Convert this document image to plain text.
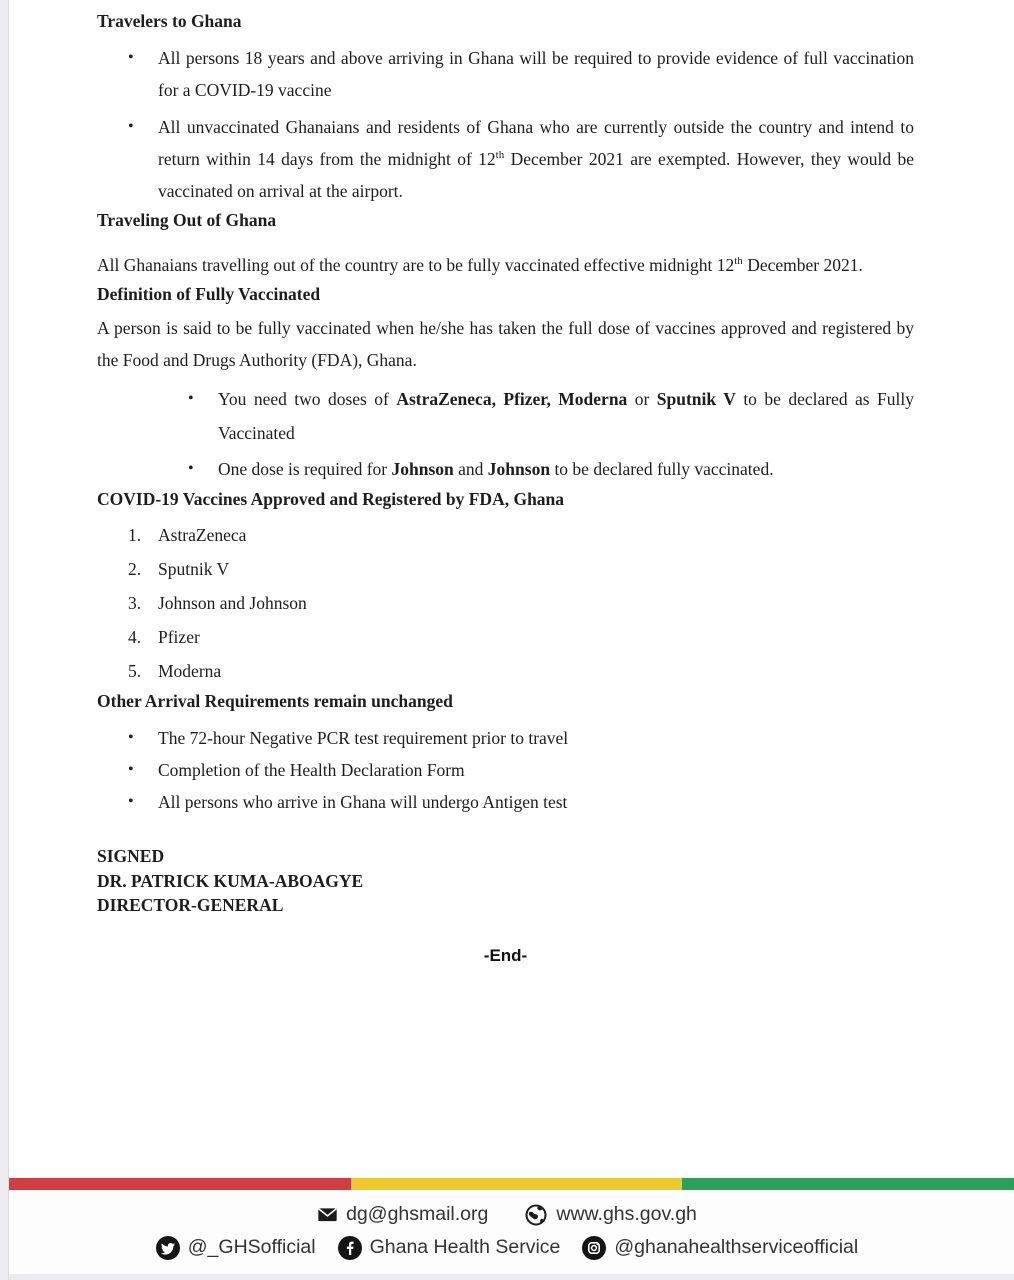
Travelers to Ghana
•	All persons 18 years and above arriving in Ghana will be required to provide evidence of full vaccination for a COVID-19 vaccine
•	All unvaccinated Ghanaians and residents of Ghana who are currently outside the country and intend to return within 14 days from the midnight of 12th December 2021 are exempted. However, they would be vaccinated on arrival at the airport.
Traveling Out of Ghana
All Ghanaians travelling out of the country are to be fully vaccinated effective midnight 12th December 2021.
Definition of Fully Vaccinated
A person is said to be fully vaccinated when he/she has taken the full dose of vaccines approved and registered by the Food and Drugs Authority (FDA), Ghana.
•	You need two doses of AstraZeneca, Pfizer, Moderna or Sputnik V to be declared as Fully Vaccinated
•	One dose is required for Johnson and Johnson to be declared fully vaccinated.
COVID-19 Vaccines Approved and Registered by FDA, Ghana
1. AstraZeneca
2. Sputnik V
3. Johnson and Johnson
4. Pfizer
5. Moderna
Other Arrival Requirements remain unchanged
•	The 72-hour Negative PCR test requirement prior to travel
•	Completion of the Health Declaration Form
•	All persons who arrive in Ghana will undergo Antigen test
SIGNED
DR. PATRICK KUMA-ABOAGYE
DIRECTOR-GENERAL
-End-
dg@ghsmail.org	www.ghs.gov.gh
@_GHSofficial	Ghana Health Service	@ghanahealthserviceofficial
